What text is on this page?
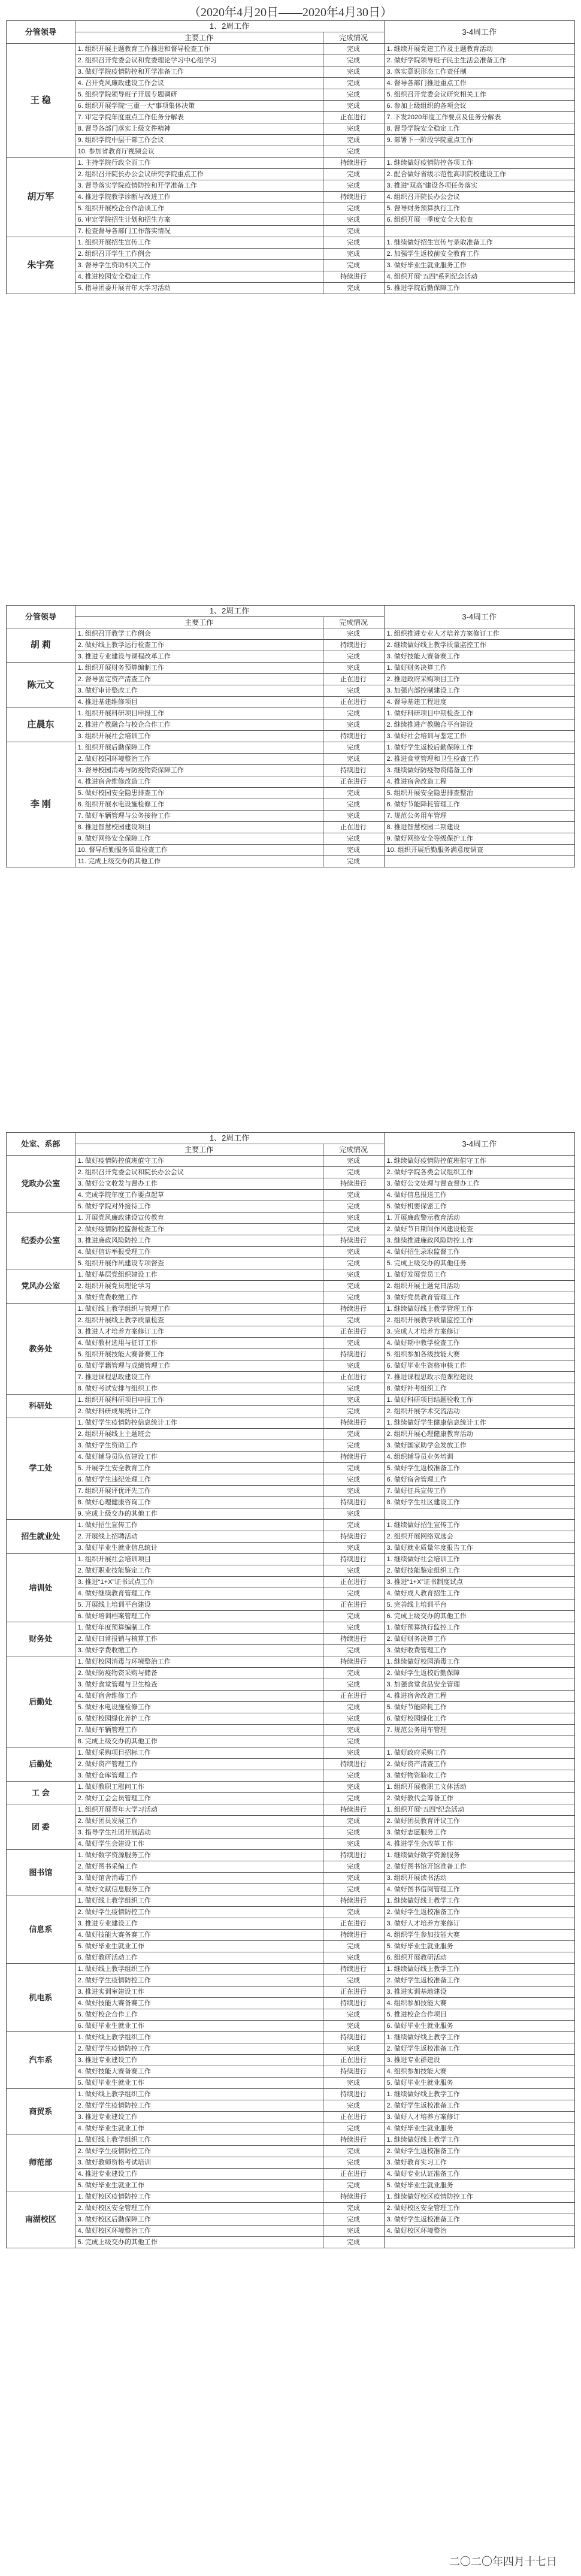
（2020年4月20日——2020年4月30日）
分管领导	1、2周工作		3-4周工作
	主要工作	完成情况	
王 稳	1. 组织开展主题教育工作推进和督导检查工作	完成	1. 继续开展党建工作及主题教育活动
	2. 组织召开党委会议和党委理论学习中心组学习	完成	2. 做好学院领导班子民主生活会准备工作
	3. 做好学院疫情防控和开学准备工作	完成	3. 落实意识形态工作责任制
	4. 召开党风廉政建设工作会议	完成	4. 督导各部门推进重点工作
	5. 组织学院领导班子开展专题调研	完成	5. 组织召开党委会议研究相关工作
	6. 组织开展学院“三重一大”事项集体决策	完成	6. 参加上级组织的各项会议
	7. 审定学院年度重点工作任务分解表	正在进行	7. 下发2020年度工作要点及任务分解表
	8. 督导各部门落实上级文件精神	完成	8. 督导学院安全稳定工作
	9. 组织学院中层干部工作会议	完成	9. 部署下一阶段学院重点工作
	10. 参加省教育厅视频会议	完成	
胡万军	1. 主持学院行政全面工作	持续进行	1. 继续做好疫情防控各项工作
	2. 组织召开院长办公会议研究学院重点工作	完成	2. 配合做好省级示范性高职院校建设工作
	3. 督导落实学院疫情防控和开学准备工作	完成	3. 推进“双高”建设各项任务落实
	4. 推进学院教学诊断与改进工作	持续进行	4. 组织召开院长办公会议
	5. 组织开展校企合作洽谈工作	完成	5. 督导财务预算执行工作
	6. 审定学院招生计划和招生方案	完成	6. 组织开展一季度安全大检查
	7. 检查督导各部门工作落实情况	完成	
朱宇亮	1. 组织开展招生宣传工作	完成	1. 继续做好招生宣传与录取准备工作
	2. 组织召开学生工作例会	完成	2. 加强学生返校前安全教育工作
	3. 督导学生资助相关工作	完成	3. 做好毕业生就业服务工作
	4. 推进校园安全稳定工作	持续进行	4. 组织开展“五四”系列纪念活动
	5. 指导团委开展青年大学习活动	完成	5. 推进学院后勤保障工作
分管领导	1、2周工作		3-4周工作
	主要工作	完成情况	
胡 莉	1. 组织召开教学工作例会	完成	1. 组织推进专业人才培养方案修订工作
	2. 做好线上教学运行检查工作	持续进行	2. 继续做好线上教学质量监控工作
	3. 推进专业建设与课程改革工作	完成	3. 做好技能大赛备赛工作
陈元文	1. 组织开展财务预算编制工作	完成	1. 做好财务决算工作
	2. 督导固定资产清查工作	正在进行	2. 推进政府采购项目工作
	3. 做好审计整改工作	完成	3. 加强内部控制建设工作
	4. 推进基建维修项目	正在进行	4. 督导基建工程进度
庄晨东	1. 组织开展科研项目申报工作	完成	1. 做好科研项目中期检查工作
	2. 推进产教融合与校企合作工作	完成	2. 继续推进产教融合平台建设
	3. 组织开展社会培训工作	持续进行	3. 做好社会培训与鉴定工作
李 刚	1. 组织开展后勤保障工作	完成	1. 做好学生返校后勤保障工作
	2. 做好校园环境整治工作	完成	2. 推进食堂管理和卫生检查工作
	3. 督导校园消毒与防疫物资保障工作	持续进行	3. 继续做好防疫物资储备工作
	4. 推进宿舍维修改造工作	正在进行	4. 推进宿舍改造工程
	5. 做好校园安全隐患排查工作	完成	5. 组织开展安全隐患排查整治
	6. 组织开展水电设施检修工作	完成	6. 做好节能降耗管理工作
	7. 做好车辆管理与公务接待工作	完成	7. 规范公务用车管理
	8. 推进智慧校园建设项目	正在进行	8. 推进智慧校园二期建设
	9. 做好网络安全保障工作	完成	9. 做好网络安全等级保护工作
	10. 督导后勤服务质量检查工作	完成	10. 组织开展后勤服务满意度调查
	11. 完成上级交办的其他工作	完成	
处室、系部	1、2周工作		3-4周工作
	主要工作	完成情况	
党政办公室	1. 做好疫情防控值班值守工作	完成	1. 继续做好疫情防控值班值守工作
	2. 组织召开党委会议和院长办公会议	完成	2. 做好学院各类会议组织工作
	3. 做好公文收发与督办工作	持续进行	3. 做好公文处理与督查督办工作
	4. 完成学院年度工作要点起草	完成	4. 做好信息报送工作
	5. 做好学院对外接待工作	完成	5. 做好机要保密工作
纪委办公室	1. 开展党风廉政建设宣传教育	完成	1. 开展廉政警示教育活动
	2. 做好疫情防控监督检查工作	完成	2. 做好节日期间作风建设检查
	3. 推进廉政风险防控工作	持续进行	3. 继续推进廉政风险防控工作
	4. 做好信访举报受理工作	完成	4. 做好招生录取监督工作
	5. 组织开展作风建设专项督查	完成	5. 完成上级交办的其他任务
党风办公室	1. 做好基层党组织建设工作	完成	1. 做好发展党员工作
	2. 组织开展党员理论学习	完成	2. 组织开展主题党日活动
	3. 做好党费收缴工作	完成	3. 做好党员教育管理工作
教务处	1. 做好线上教学组织与管理工作	持续进行	1. 继续做好线上教学管理工作
	2. 组织开展线上教学质量检查	完成	2. 组织开展教学质量监控工作
	3. 推进人才培养方案修订工作	正在进行	3. 完成人才培养方案修订
	4. 做好教材选用与征订工作	完成	4. 做好期中教学检查工作
	5. 组织开展技能大赛备赛工作	持续进行	5. 组织参加各级技能大赛
	6. 做好学籍管理与成绩管理工作	完成	6. 做好毕业生资格审核工作
	7. 推进课程思政建设工作	正在进行	7. 推进课程思政示范课程建设
	8. 做好考试安排与组织工作	完成	8. 做好补考组织工作
科研处	1. 组织开展科研项目申报工作	完成	1. 做好科研项目结题验收工作
	2. 做好科研成果统计工作	完成	2. 组织开展学术交流活动
学工处	1. 做好学生疫情防控信息统计工作	持续进行	1. 继续做好学生健康信息统计工作
	2. 组织开展线上主题班会	完成	2. 组织开展心理健康教育活动
	3. 做好学生资助工作	完成	3. 做好国家助学金发放工作
	4. 做好辅导员队伍建设工作	持续进行	4. 组织辅导员业务培训
	5. 开展学生安全教育工作	完成	5. 做好学生返校准备工作
	6. 做好学生违纪处理工作	完成	6. 做好宿舍管理工作
	7. 组织开展评优评先工作	完成	7. 做好征兵宣传工作
	8. 做好心理健康咨询工作	持续进行	8. 做好学生社区建设工作
	9. 完成上级交办的其他工作	完成	
招生就业处	1. 做好招生宣传工作	完成	1. 继续做好招生宣传工作
	2. 开展线上招聘活动	持续进行	2. 组织开展网络双选会
	3. 做好毕业生就业信息统计	完成	3. 做好就业质量年度报告工作
培训处	1. 组织开展社会培训项目	持续进行	1. 继续做好社会培训工作
	2. 做好职业技能鉴定工作	完成	2. 做好技能鉴定组织工作
	3. 推进“1+X”证书试点工作	正在进行	3. 推进“1+X”证书制度试点
	4. 做好继续教育管理工作	完成	4. 做好成人教育招生工作
	5. 开展线上培训平台建设	正在进行	5. 完善线上培训平台
	6. 做好培训档案管理工作	完成	6. 完成上级交办的其他工作
财务处	1. 做好年度预算编制工作	完成	1. 做好预算执行监控工作
	2. 做好日常报销与核算工作	持续进行	2. 做好财务决算工作
	3. 做好学费收缴工作	完成	3. 做好收费管理工作
后勤处	1. 做好校园消毒与环境整治工作	持续进行	1. 继续做好校园消毒工作
	2. 做好防疫物资采购与储备	完成	2. 做好学生返校后勤保障
	3. 做好食堂管理与卫生检查	完成	3. 加强食堂食品安全管理
	4. 做好宿舍维修工作	正在进行	4. 推进宿舍改造工程
	5. 做好水电设施检修工作	完成	5. 做好节能降耗工作
	6. 做好校园绿化养护工作	完成	6. 做好校园绿化工作
	7. 做好车辆管理工作	完成	7. 规范公务用车管理
	8. 完成上级交办的其他工作	完成	
后勤处	1. 做好采购项目招标工作	完成	1. 做好政府采购工作
	2. 做好资产管理工作	持续进行	2. 做好资产清查工作
	3. 做好仓库管理工作	完成	3. 做好物资验收工作
工 会	1. 做好教职工慰问工作	完成	1. 组织开展教职工文体活动
	2. 做好工会会员管理工作	完成	2. 做好教代会筹备工作
团 委	1. 组织开展青年大学习活动	持续进行	1. 组织开展“五四”纪念活动
	2. 做好团员发展工作	完成	2. 做好团员教育评议工作
	3. 指导学生社团开展活动	完成	3. 做好志愿服务工作
	4. 做好学生会建设工作	完成	4. 推进学生会改革工作
图书馆	1. 做好数字资源服务工作	持续进行	1. 继续做好数字资源服务
	2. 做好图书采编工作	完成	2. 做好图书馆开馆准备工作
	3. 做好馆舍消毒工作	完成	3. 组织开展读书活动
	4. 做好文献信息服务工作	完成	4. 做好图书借阅管理工作
信息系	1. 做好线上教学组织工作	持续进行	1. 继续做好线上教学工作
	2. 做好学生疫情防控工作	完成	2. 做好学生返校准备工作
	3. 推进专业建设工作	正在进行	3. 做好人才培养方案修订
	4. 做好技能大赛备赛工作	持续进行	4. 组织学生参加技能大赛
	5. 做好毕业生就业工作	完成	5. 做好毕业生就业服务
	6. 做好教研活动工作	完成	6. 组织开展教研活动
机电系	1. 做好线上教学组织工作	持续进行	1. 继续做好线上教学工作
	2. 做好学生疫情防控工作	完成	2. 做好学生返校准备工作
	3. 推进实训室建设工作	正在进行	3. 推进实训基地建设
	4. 做好技能大赛备赛工作	持续进行	4. 组织参加技能大赛
	5. 做好校企合作工作	完成	5. 推进校企合作项目
	6. 做好毕业生就业工作	完成	6. 做好毕业生就业服务
汽车系	1. 做好线上教学组织工作	持续进行	1. 继续做好线上教学工作
	2. 做好学生疫情防控工作	完成	2. 做好学生返校准备工作
	3. 推进专业建设工作	正在进行	3. 推进专业群建设
	4. 做好技能大赛备赛工作	持续进行	4. 组织参加技能大赛
	5. 做好毕业生就业工作	完成	5. 做好毕业生就业服务
商贸系	1. 做好线上教学组织工作	持续进行	1. 继续做好线上教学工作
	2. 做好学生疫情防控工作	完成	2. 做好学生返校准备工作
	3. 推进专业建设工作	正在进行	3. 做好人才培养方案修订
	4. 做好毕业生就业工作	完成	4. 做好毕业生就业服务
师范部	1. 做好线上教学组织工作	持续进行	1. 继续做好线上教学工作
	2. 做好学生疫情防控工作	完成	2. 做好学生返校准备工作
	3. 做好教师资格考试培训	完成	3. 做好教育实习工作
	4. 推进专业建设工作	正在进行	4. 做好专业认证准备工作
	5. 做好毕业生就业工作	完成	5. 做好毕业生就业服务
南湖校区	1. 做好校区疫情防控工作	持续进行	1. 继续做好校区疫情防控工作
	2. 做好校区安全管理工作	完成	2. 做好校区安全管理工作
	3. 做好校区后勤保障工作	完成	3. 做好学生返校准备工作
	4. 做好校区环境整治工作	完成	4. 做好校区环境整治
	5. 完成上级交办的其他工作	完成	
二〇二〇年四月十七日
